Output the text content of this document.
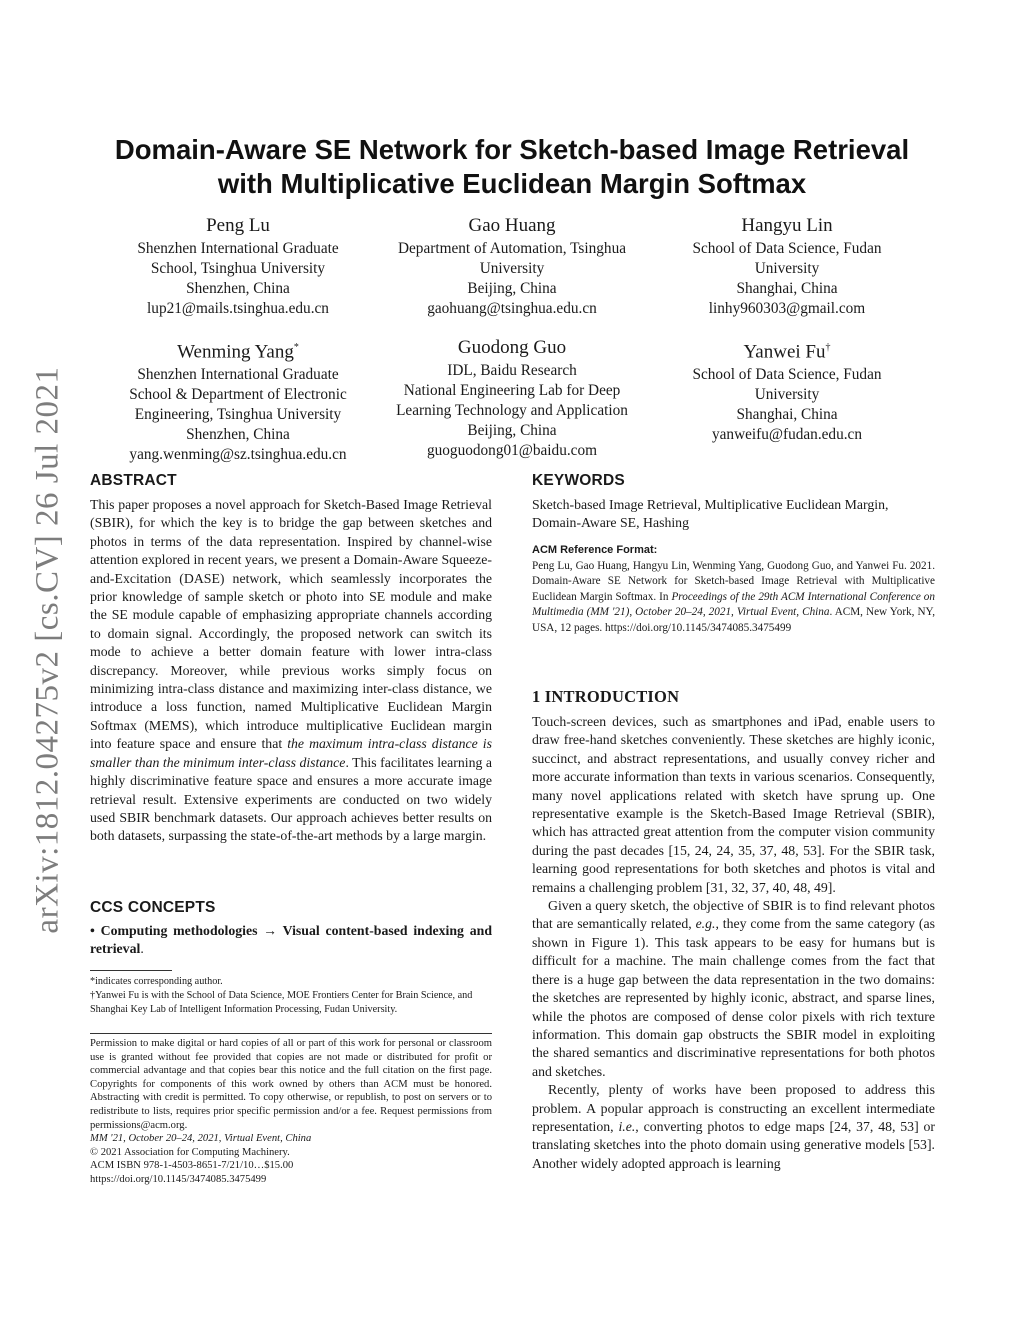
arXiv:1812.04275v2 [cs.CV] 26 Jul 2021
Domain-Aware SE Network for Sketch-based Image Retrieval
with Multiplicative Euclidean Margin Softmax
Peng Lu
Shenzhen International Graduate
School, Tsinghua University
Shenzhen, China
lup21@mails.tsinghua.edu.cn
Gao Huang
Department of Automation, Tsinghua
University
Beijing, China
gaohuang@tsinghua.edu.cn
Hangyu Lin
School of Data Science, Fudan
University
Shanghai, China
linhy960303@gmail.com
Wenming Yang*
Shenzhen International Graduate
School & Department of Electronic
Engineering, Tsinghua University
Shenzhen, China
yang.wenming@sz.tsinghua.edu.cn
Guodong Guo
IDL, Baidu Research
National Engineering Lab for Deep
Learning Technology and Application
Beijing, China
guoguodong01@baidu.com
Yanwei Fu†
School of Data Science, Fudan
University
Shanghai, China
yanweifu@fudan.edu.cn
ABSTRACT

This paper proposes a novel approach for Sketch-Based Image Retrieval (SBIR), for which the key is to bridge the gap between sketches and photos in terms of the data representation. Inspired by channel-wise attention explored in recent years, we present a Domain-Aware Squeeze-and-Excitation (DASE) network, which seamlessly incorporates the prior knowledge of sample sketch or photo into SE module and make the SE module capable of emphasizing appropriate channels according to domain signal. Accordingly, the proposed network can switch its mode to achieve a better domain feature with lower intra-class discrepancy. Moreover, while previous works simply focus on minimizing intra-class distance and maximizing inter-class distance, we introduce a loss function, named Multiplicative Euclidean Margin Softmax (MEMS), which introduce multiplicative Euclidean margin into feature space and ensure that the maximum intra-class distance is smaller than the minimum inter-class distance. This facilitates learning a highly discriminative feature space and ensures a more accurate image retrieval result. Extensive experiments are conducted on two widely used SBIR benchmark datasets. Our approach achieves better results on both datasets, surpassing the state-of-the-art methods by a large margin.

CCS CONCEPTS

• Computing methodologies → Visual content-based indexing and retrieval.

*indicates corresponding author.
†Yanwei Fu is with the School of Data Science, MOE Frontiers Center for Brain Science, and Shanghai Key Lab of Intelligent Information Processing, Fudan University.
Permission to make digital or hard copies of all or part of this work for personal or classroom use is granted without fee provided that copies are not made or distributed for profit or commercial advantage and that copies bear this notice and the full citation on the first page. Copyrights for components of this work owned by others than ACM must be honored. Abstracting with credit is permitted. To copy otherwise, or republish, to post on servers or to redistribute to lists, requires prior specific permission and/or a fee. Request permissions from permissions@acm.org.
MM '21, October 20–24, 2021, Virtual Event, China
© 2021 Association for Computing Machinery.
ACM ISBN 978-1-4503-8651-7/21/10…$15.00
https://doi.org/10.1145/3474085.3475499
KEYWORDS

Sketch-based Image Retrieval, Multiplicative Euclidean Margin, Domain-Aware SE, Hashing

ACM Reference Format:

Peng Lu, Gao Huang, Hangyu Lin, Wenming Yang, Guodong Guo, and Yanwei Fu. 2021. Domain-Aware SE Network for Sketch-based Image Retrieval with Multiplicative Euclidean Margin Softmax. In Proceedings of the 29th ACM International Conference on Multimedia (MM '21), October 20–24, 2021, Virtual Event, China. ACM, New York, NY, USA, 12 pages. https://doi.org/10.1145/3474085.3475499

1 INTRODUCTION

Touch-screen devices, such as smartphones and iPad, enable users to draw free-hand sketches conveniently. These sketches are highly iconic, succinct, and abstract representations, and usually convey richer and more accurate information than texts in various scenarios. Consequently, many novel applications related with sketch have sprung up. One representative example is the Sketch-Based Image Retrieval (SBIR), which has attracted great attention from the computer vision community during the past decades [15, 24, 24, 35, 37, 48, 53]. For the SBIR task, learning good representations for both sketches and photos is vital and remains a challenging problem [31, 32, 37, 40, 48, 49].

Given a query sketch, the objective of SBIR is to find relevant photos that are semantically related, e.g., they come from the same category (as shown in Figure 1). This task appears to be easy for humans but is difficult for a machine. The main challenge comes from the fact that there is a huge gap between the data representation in the two domains: the sketches are represented by highly iconic, abstract, and sparse lines, while the photos are composed of dense color pixels with rich texture information. This domain gap obstructs the SBIR model in exploiting the shared semantics and discriminative representations for both photos and sketches.

Recently, plenty of works have been proposed to address this problem. A popular approach is constructing an excellent intermediate representation, i.e., converting photos to edge maps [24, 37, 48, 53] or translating sketches into the photo domain using generative models [53]. Another widely adopted approach is learning
